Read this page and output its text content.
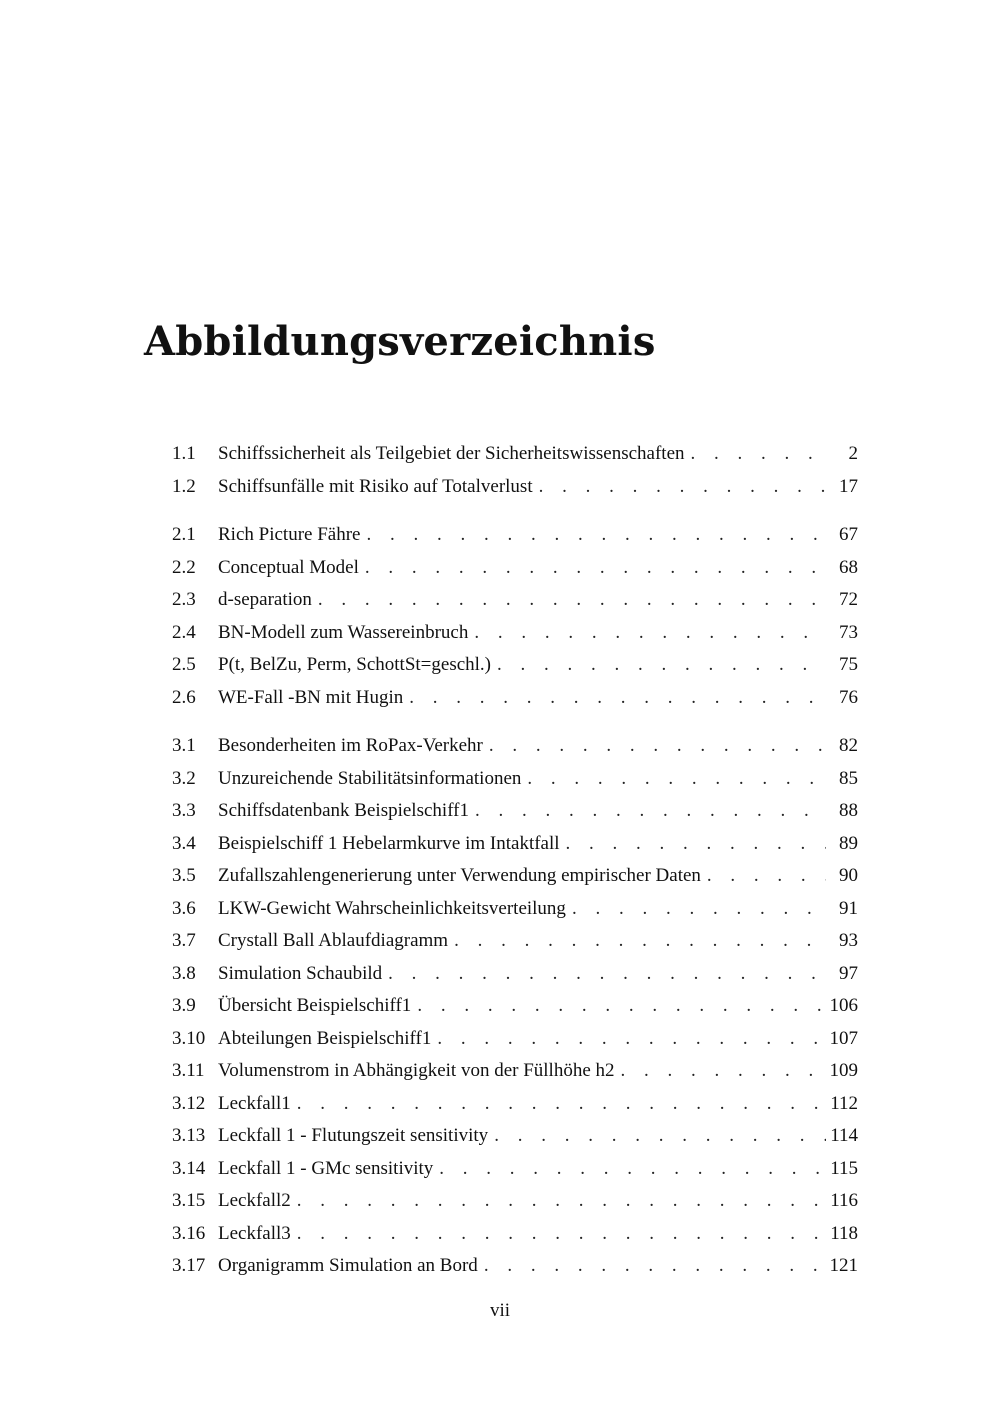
Abbildungsverzeichnis
1.1	Schiffssicherheit als Teilgebiet der Sicherheitswissenschaften . . .	2
1.2	Schiffsunfälle mit Risiko auf Totalverlust . . .	17
2.1	Rich Picture Fähre . . .	67
2.2	Conceptual Model . . .	68
2.3	d-separation . . .	72
2.4	BN-Modell zum Wassereinbruch . . .	73
2.5	P(t, BelZu, Perm, SchottSt=geschl.) . . .	75
2.6	WE-Fall -BN mit Hugin . . .	76
3.1	Besonderheiten im RoPax-Verkehr . . .	82
3.2	Unzureichende Stabilitätsinformationen . . .	85
3.3	Schiffsdatenbank Beispielschiff1 . . .	88
3.4	Beispielschiff 1 Hebelarmkurve im Intaktfall . . .	89
3.5	Zufallszahlengenerierung unter Verwendung empirischer Daten . . .	90
3.6	LKW-Gewicht Wahrscheinlichkeitsverteilung . . .	91
3.7	Crystall Ball Ablaufdiagramm . . .	93
3.8	Simulation Schaubild . . .	97
3.9	Übersicht Beispielschiff1 . . .	106
3.10 Abteilungen Beispielschiff1 . . .	107
3.11 Volumenstrom in Abhängigkeit von der Füllhöhe h2 . . .	109
3.12 Leckfall1 . . .	112
3.13 Leckfall 1 - Flutungszeit sensitivity . . .	114
3.14 Leckfall 1 - GMc sensitivity . . .	115
3.15 Leckfall2 . . .	116
3.16 Leckfall3 . . .	118
3.17 Organigramm Simulation an Bord . . .	121
vii
